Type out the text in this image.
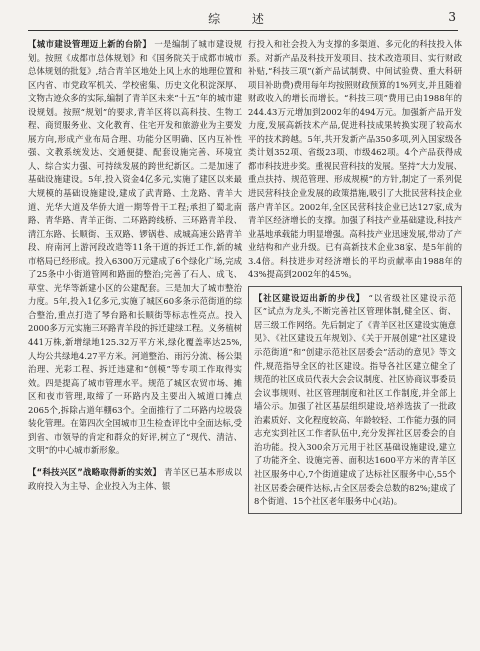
综 述	3

【城市建设管理迈上新的台阶】 一是编制了城市建设规划。按照《成都市总体规划》和《国务院关于成都市城市总体规划的批复》,结合青羊区地处上风上水的地理位置和区内省、市党政军机关、学校密集、历史文化积淀深厚、文物古迹众多的实际,编制了青羊区未来“十五”年的城市建设规划。按照“规划”的要求,青羊区将以高科技、生物工程、商贸服务业、文化教育、住宅开发和旅游业为主要发展方向,形成产业布局合理、功能分区明确、区内互补性强、文教系统发达、交通便捷、配套设施完善、环境宜人、综合实力强、可持续发展的跨世纪新区。二是加速了基础设施建设。5年,投入资金4亿多元,实施了建区以来最大规模的基础设施建设,建成了武青路、土龙路、青羊大道、光华大道及华侨大道一期等骨干工程;承担了蜀北南路、青华路、青羊正街、二环路跨线桥、三环路青羊段、清江东路、长顺街、玉双路、锣锅巷、成城高速公路青羊段、府南河上游河段改造等11条干道的拆迁工作,新的城市格局已经形成。投入6300万元建成了6个绿化广场,完成了25条中小街道管网和路面的整治;完善了石人、成飞、草堂、光华等新建小区的公建配套。三是加大了城市整治力度。5年,投入1亿多元,实施了城区60多条示范街道的综合整治,重点打造了琴台路和长顺街等标志性亮点。投入2000多万元实施三环路青羊段的拆迁建绿工程。义务植树441万株,新增绿地125.32万平方米,绿化覆盖率达25%,人均公共绿地4.27平方米。河道整治、雨污分流、杨公渠治理、光彩工程、拆迁违建和“创模”等专项工作取得实效。四是提高了城市管理水平。规范了城区农贸市场、摊区和夜市管理,取缔了一环路内及主要出入城道口摊点2065个,拆除占道年棚63个。全面推行了二环路内垃圾袋装化管理。在第四次全国城市卫生检查评比中全面达标,受到省、市领导的肯定和群众的好评,树立了“现代、清洁、文明”的中心城市新形象。

【“科技兴区”战略取得新的实效】 青羊区已基本形成以政府投入为主导、企业投入为主体、银

行投入和社会投入为支撑的多渠道、多元化的科技投入体系。对新产品及科技开发项目、技术改造项目、实行财政补贴,“科技三项”(新产品试制费、中间试验费、重大科研项目补助费)费用每年均按照财政预算的1%列支,并且随着财政收入的增长而增长。“科技三项”费用已由1988年的244.43万元增加到2002年的494万元。加强新产品开发力度,发展高新技术产品,促进科技成果转换实现了较高水平的技术跨越。5年,共开发新产品350多项,列入国家级各类计划352项、省级23项、市级462项。4个产品获得成都市科技进步奖。重视民营科技的发展。坚持“大力发展、重点扶持、规范管理、形成规模”的方针,制定了一系列促进民营科技企业发展的政策措施,吸引了大批民营科技企业落户青羊区。2002年,全区民营科技企业已达127家,成为青羊区经济增长的支撑。加强了科技产业基础建设,科技产业基地承载能力明显增强。高科技产业迅速发展,带动了产业结构和产业升级。已有高新技术企业38家、是5年前的3.4倍。科技进步对经济增长的平均贡献率由1988年的43%提高到2002年的45%。

【社区建设迈出新的步伐】 “以省级社区建设示范区”试点为龙头,不断完善社区管理体制,健全区、街、居三级工作网络。先后制定了《青羊区社区建设实施意见》、《社区建设五年规划》、《关于开展创建“社区建设示范街道”和“创建示范社区居委会”活动的意见》等文件,规范指导全区的社区建设。指导各社区建立健全了规范的社区成员代表大会会议制度、社区协商议事委员会议事规则、社区管理制度和社区工作制度,并全部上墙公示。加强了社区基层组织建设,培养选拔了一批政治素质好、文化程度较高、年龄较轻、工作能力强的同志充实到社区工作者队伍中,充分发挥社区居委会的自治功能。投入300余万元用于社区基础设施建设,建立了功能齐全、设施完善、面积达1600平方米的青羊区社区服务中心,7个街道建成了达标社区服务中心,55个社区居委会硬件达标,占全区居委会总数的82%;建成了8个街道、15个社区老年服务中心(站)。
